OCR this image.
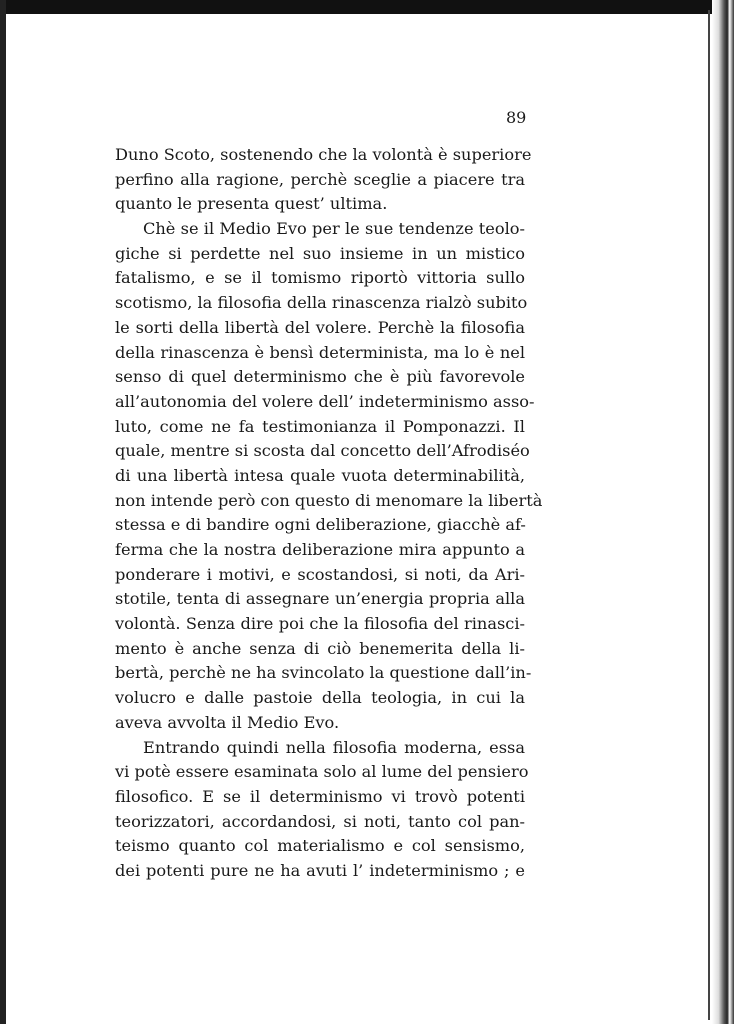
89
Duno Scoto, sostenendo che la volontà è superiore
perfino alla ragione, perchè sceglie a piacere tra
quanto le presenta quest’ ultima.
Chè se il Medio Evo per le sue tendenze teolo-
giche si perdette nel suo insieme in un mistico
fatalismo, e se il tomismo riportò vittoria sullo
scotismo, la filosofia della rinascenza rialzò subito
le sorti della libertà del volere. Perchè la filosofia
della rinascenza è bensì determinista, ma lo è nel
senso di quel determinismo che è più favorevole
all’autonomia del volere dell’ indeterminismo asso-
luto, come ne fa testimonianza il Pomponazzi. Il
quale, mentre si scosta dal concetto dell’Afrodiséo
di una libertà intesa quale vuota determinabilità,
non intende però con questo di menomare la libertà
stessa e di bandire ogni deliberazione, giacchè af-
ferma che la nostra deliberazione mira appunto a
ponderare i motivi, e scostandosi, si noti, da Ari-
stotile, tenta di assegnare un’energia propria alla
volontà. Senza dire poi che la filosofia del rinasci-
mento è anche senza di ciò benemerita della li-
bertà, perchè ne ha svincolato la questione dall’in-
volucro e dalle pastoie della teologia, in cui la
aveva avvolta il Medio Evo.
Entrando quindi nella filosofia moderna, essa
vi potè essere esaminata solo al lume del pensiero
filosofico. E se il determinismo vi trovò potenti
teorizzatori, accordandosi, si noti, tanto col pan-
teismo quanto col materialismo e col sensismo,
dei potenti pure ne ha avuti l’ indeterminismo ; e
